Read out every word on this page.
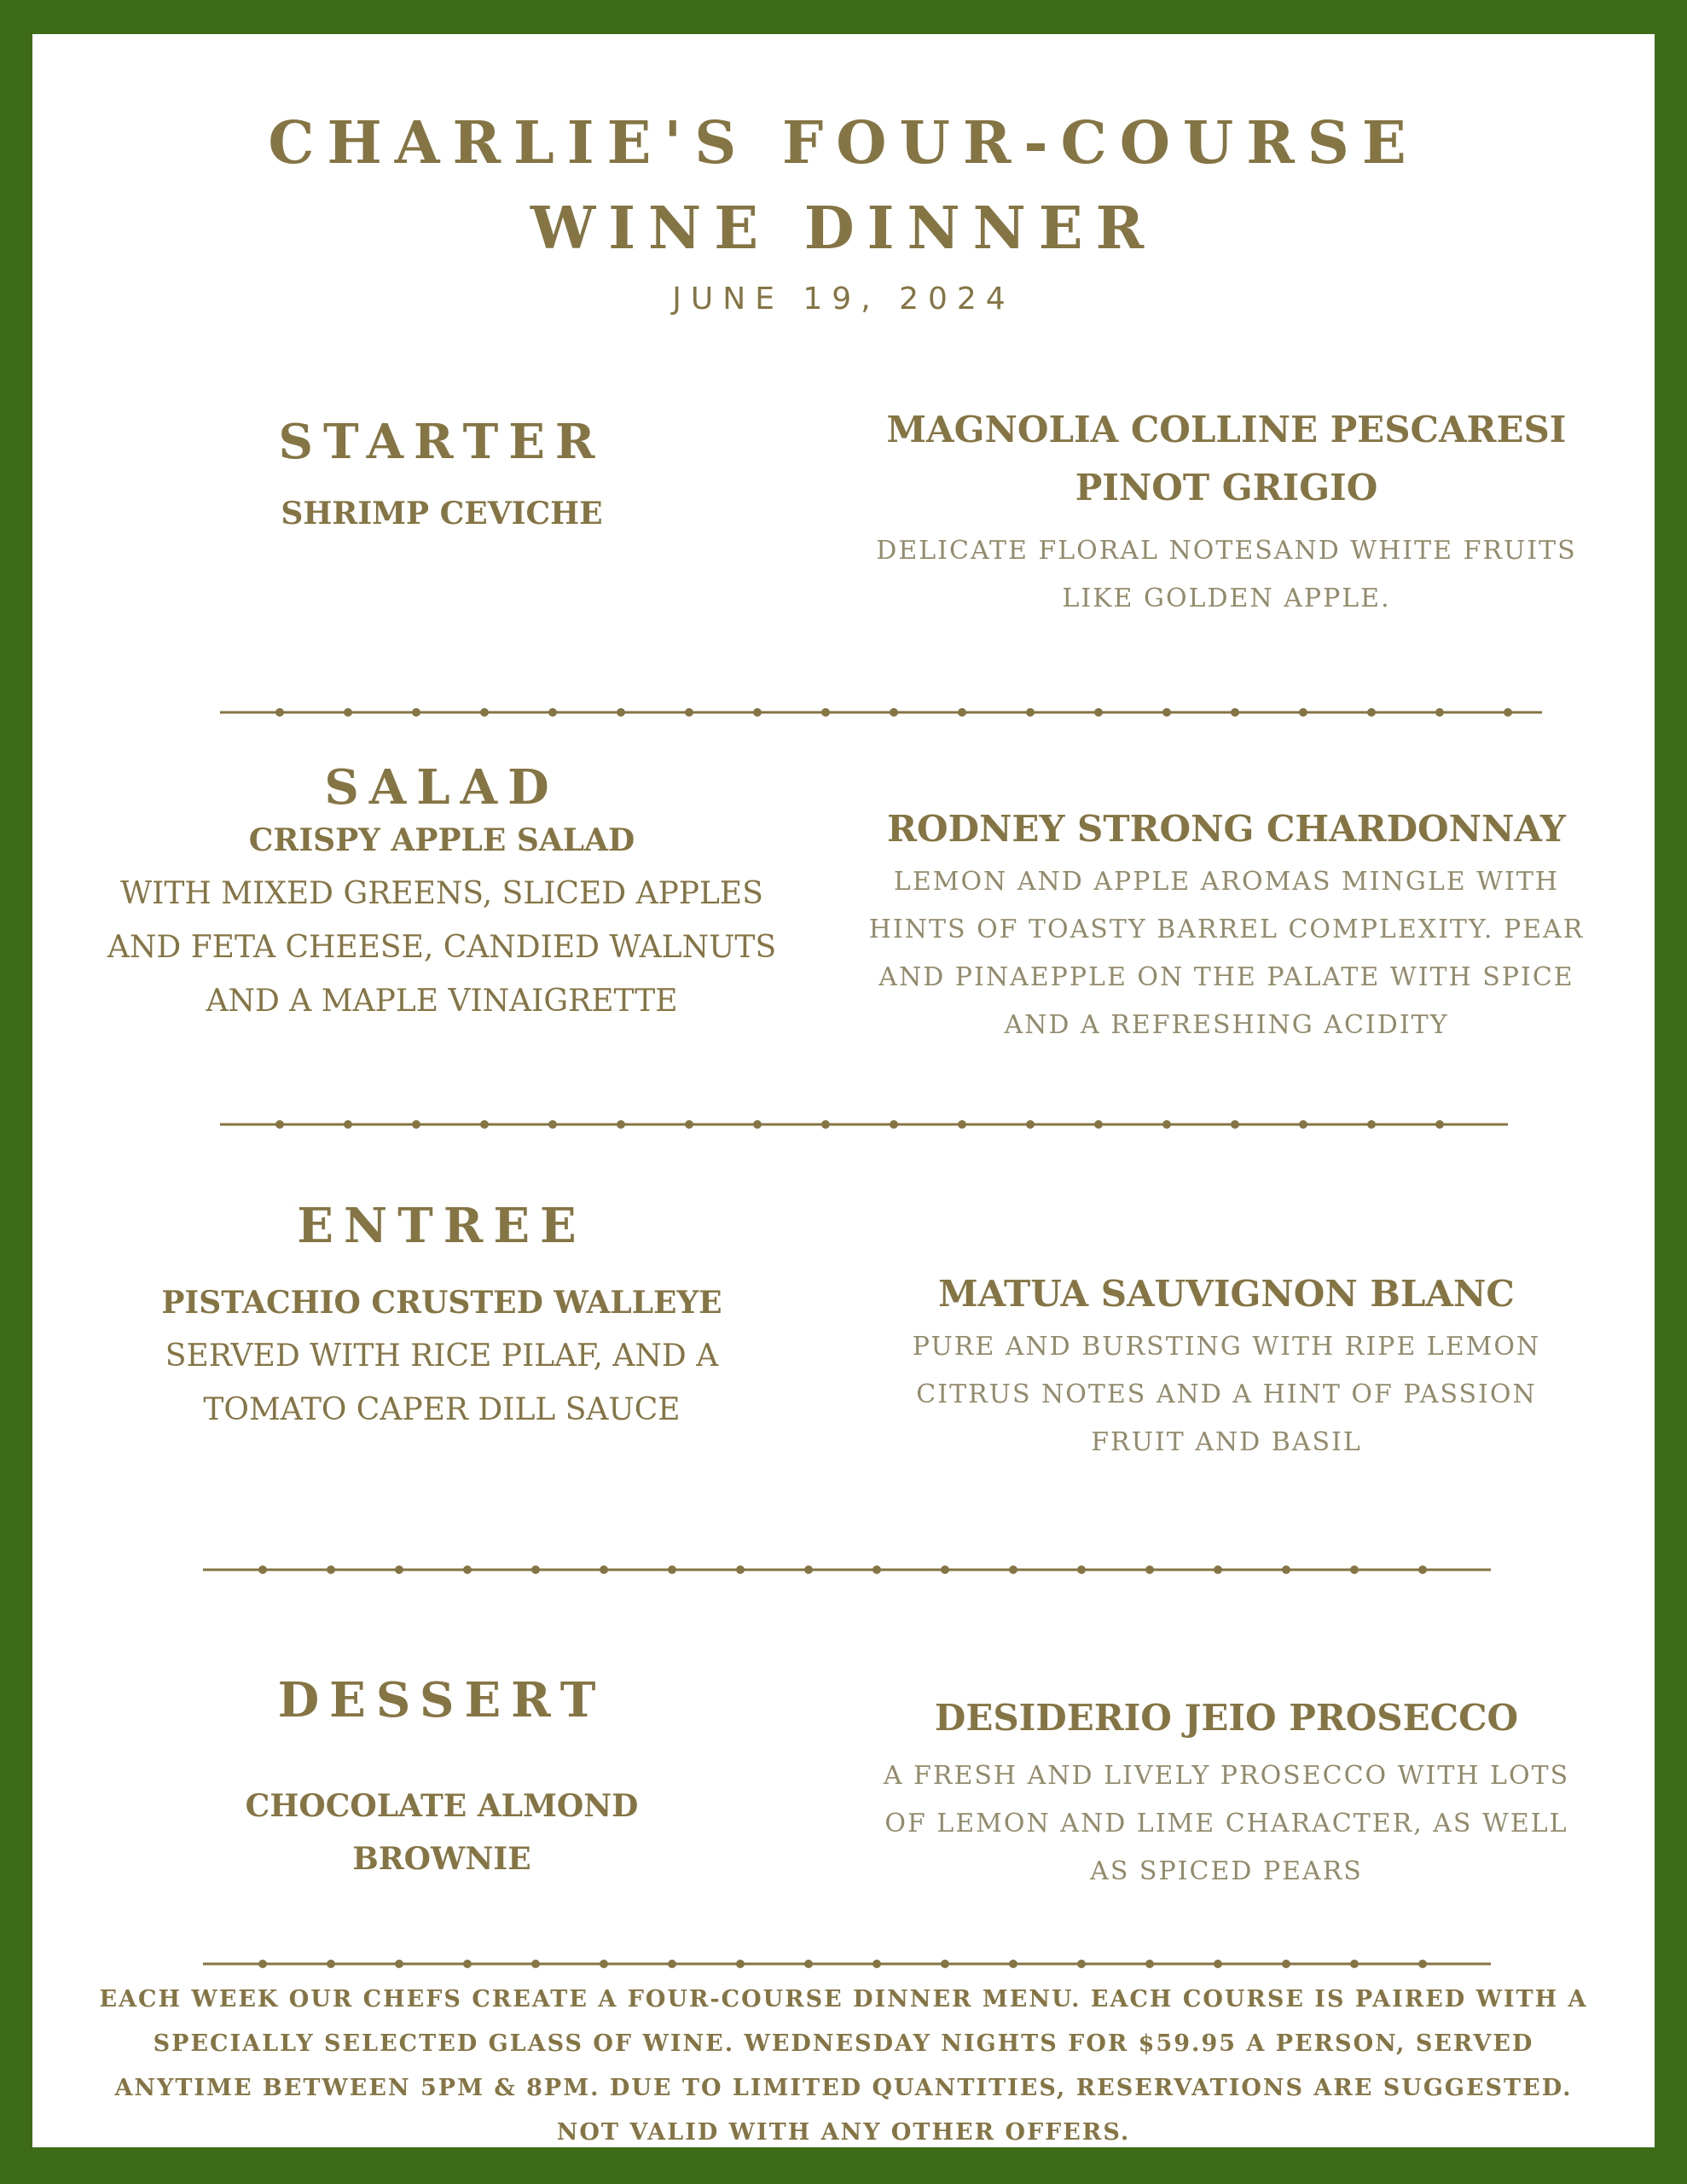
CHARLIE'S FOUR-COURSE
WINE DINNER
JUNE 19, 2024
STARTER
SHRIMP CEVICHE
MAGNOLIA COLLINE PESCARESI PINOT GRIGIO
DELICATE FLORAL NOTESAND WHITE FRUITS LIKE GOLDEN APPLE.
SALAD
CRISPY APPLE SALAD
WITH MIXED GREENS, SLICED APPLES AND FETA CHEESE, CANDIED WALNUTS AND A MAPLE VINAIGRETTE
RODNEY STRONG CHARDONNAY
LEMON AND APPLE AROMAS MINGLE WITH HINTS OF TOASTY BARREL COMPLEXITY. PEAR AND PINAEPPLE ON THE PALATE WITH SPICE AND A REFRESHING ACIDITY
ENTREE
PISTACHIO CRUSTED WALLEYE
SERVED WITH RICE PILAF, AND A TOMATO CAPER DILL SAUCE
MATUA SAUVIGNON BLANC
PURE AND BURSTING WITH RIPE LEMON CITRUS NOTES AND A HINT OF PASSION FRUIT AND BASIL
DESSERT
CHOCOLATE ALMOND BROWNIE
DESIDERIO JEIO PROSECCO
A FRESH AND LIVELY PROSECCO WITH LOTS OF LEMON AND LIME CHARACTER, AS WELL AS SPICED PEARS
EACH WEEK OUR CHEFS CREATE A FOUR-COURSE DINNER MENU. EACH COURSE IS PAIRED WITH A SPECIALLY SELECTED GLASS OF WINE. WEDNESDAY NIGHTS FOR $59.95 A PERSON, SERVED ANYTIME BETWEEN 5PM & 8PM. DUE TO LIMITED QUANTITIES, RESERVATIONS ARE SUGGESTED. NOT VALID WITH ANY OTHER OFFERS.
